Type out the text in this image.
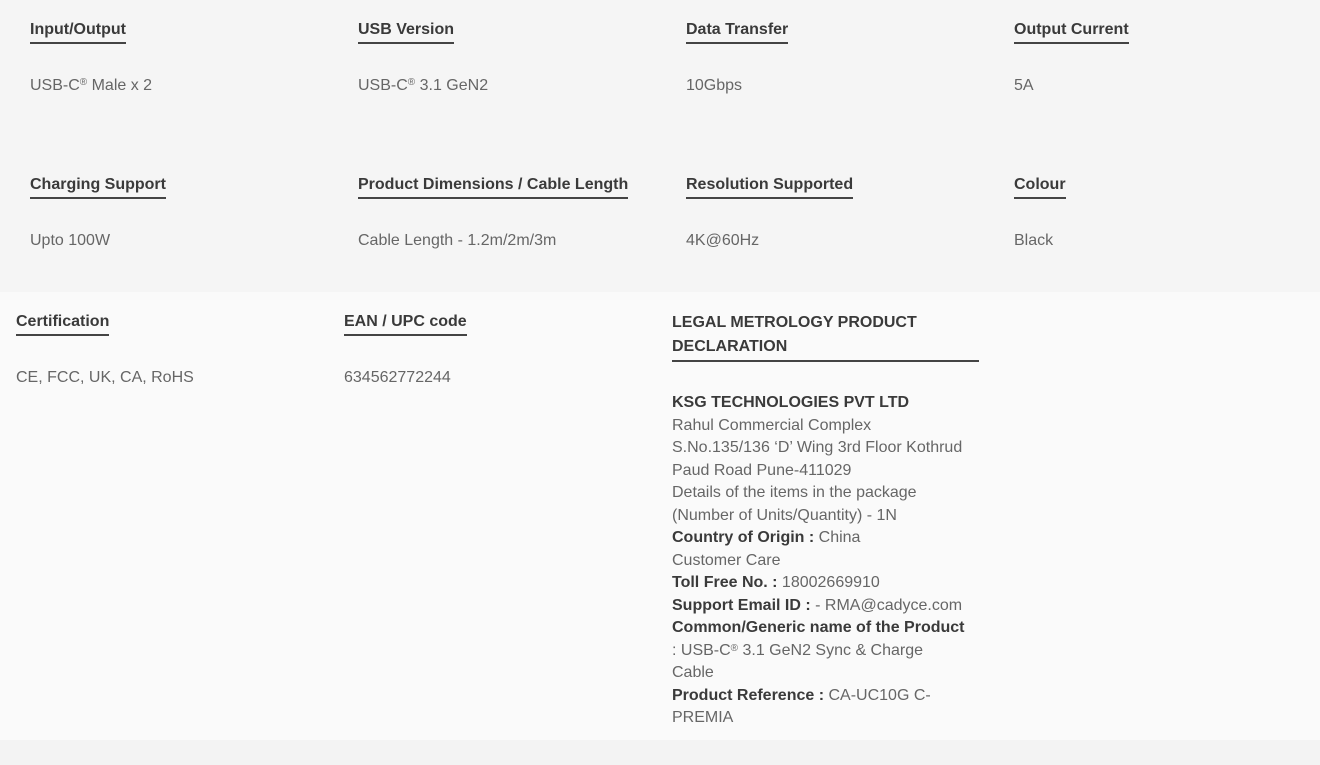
Input/Output
USB-C® Male x 2
USB Version
USB-C® 3.1 GeN2
Data Transfer
10Gbps
Output Current
5A
Charging Support
Upto 100W
Product Dimensions / Cable Length
Cable Length - 1.2m/2m/3m
Resolution Supported
4K@60Hz
Colour
Black
Certification
CE, FCC, UK, CA, RoHS
EAN / UPC code
634562772244
LEGAL METROLOGY PRODUCT
DECLARATION
KSG TECHNOLOGIES PVT LTD
Rahul Commercial Complex
S.No.135/136 ‘D’ Wing 3rd Floor Kothrud
Paud Road Pune-411029
Details of the items in the package
(Number of Units/Quantity) - 1N
Country of Origin : China
Customer Care
Toll Free No. : 18002669910
Support Email ID : - RMA@cadyce.com
Common/Generic name of the Product
: USB-C® 3.1 GeN2 Sync & Charge
Cable
Product Reference : CA-UC10G C-
PREMIA
